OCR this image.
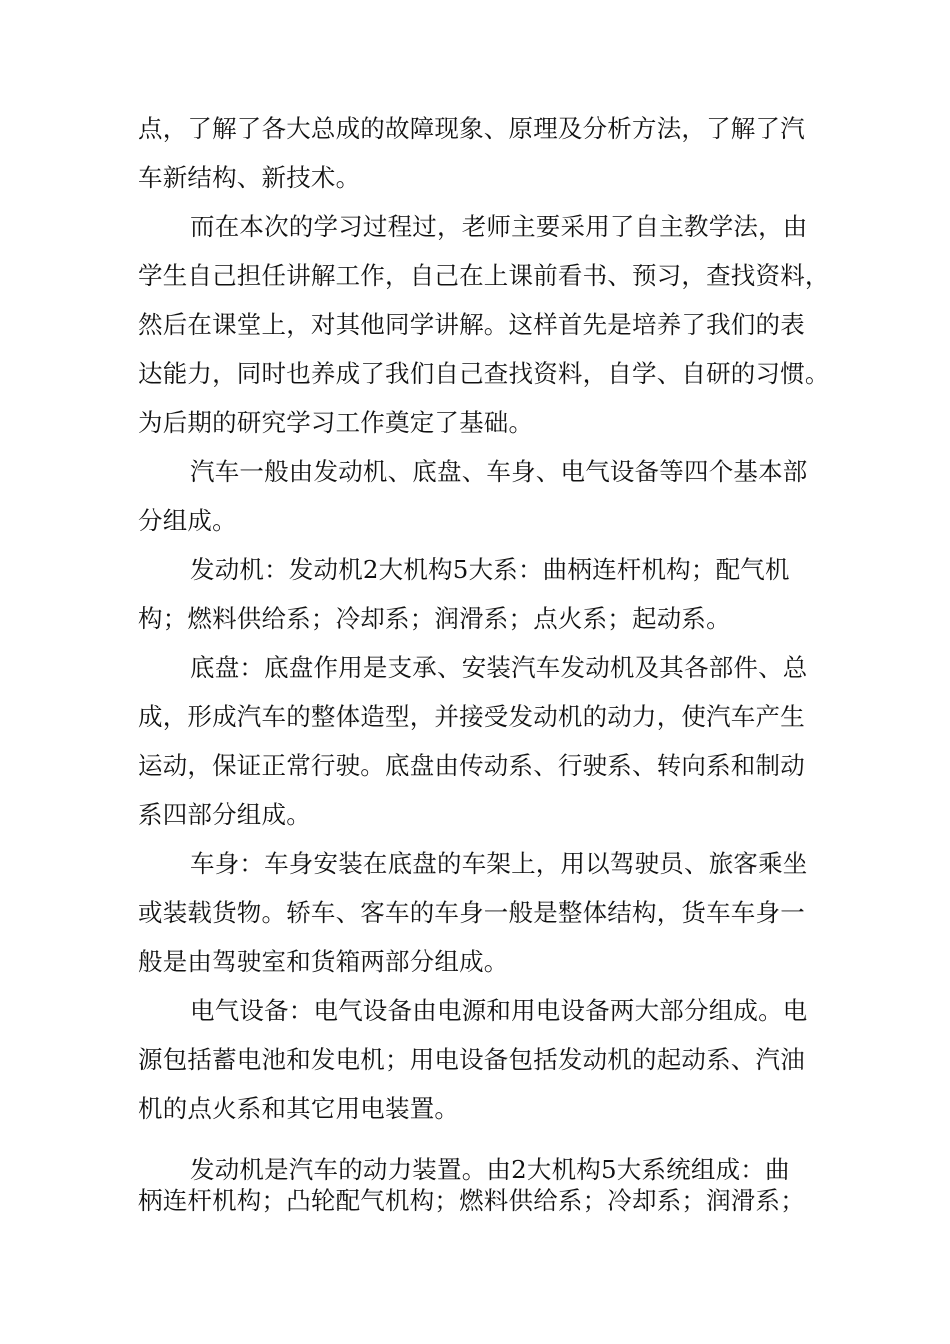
点，了解了各大总成的故障现象、原理及分析方法，了解了汽
车新结构、新技术。
而在本次的学习过程过，老师主要采用了自主教学法，由
学生自己担任讲解工作，自己在上课前看书、预习，查找资料，
然后在课堂上，对其他同学讲解。这样首先是培养了我们的表
达能力，同时也养成了我们自己查找资料，自学、自研的习惯。
为后期的研究学习工作奠定了基础。
汽车一般由发动机、底盘、车身、电气设备等四个基本部
分组成。
发动机：发动机2大机构5大系：曲柄连杆机构；配气机
构；燃料供给系；冷却系；润滑系；点火系；起动系。
底盘：底盘作用是支承、安装汽车发动机及其各部件、总
成，形成汽车的整体造型，并接受发动机的动力，使汽车产生
运动，保证正常行驶。底盘由传动系、行驶系、转向系和制动
系四部分组成。
车身：车身安装在底盘的车架上，用以驾驶员、旅客乘坐
或装载货物。轿车、客车的车身一般是整体结构，货车车身一
般是由驾驶室和货箱两部分组成。
电气设备：电气设备由电源和用电设备两大部分组成。电
源包括蓄电池和发电机；用电设备包括发动机的起动系、汽油
机的点火系和其它用电装置。
发动机是汽车的动力装置。由2大机构5大系统组成：曲
柄连杆机构；凸轮配气机构；燃料供给系；冷却系；润滑系；
